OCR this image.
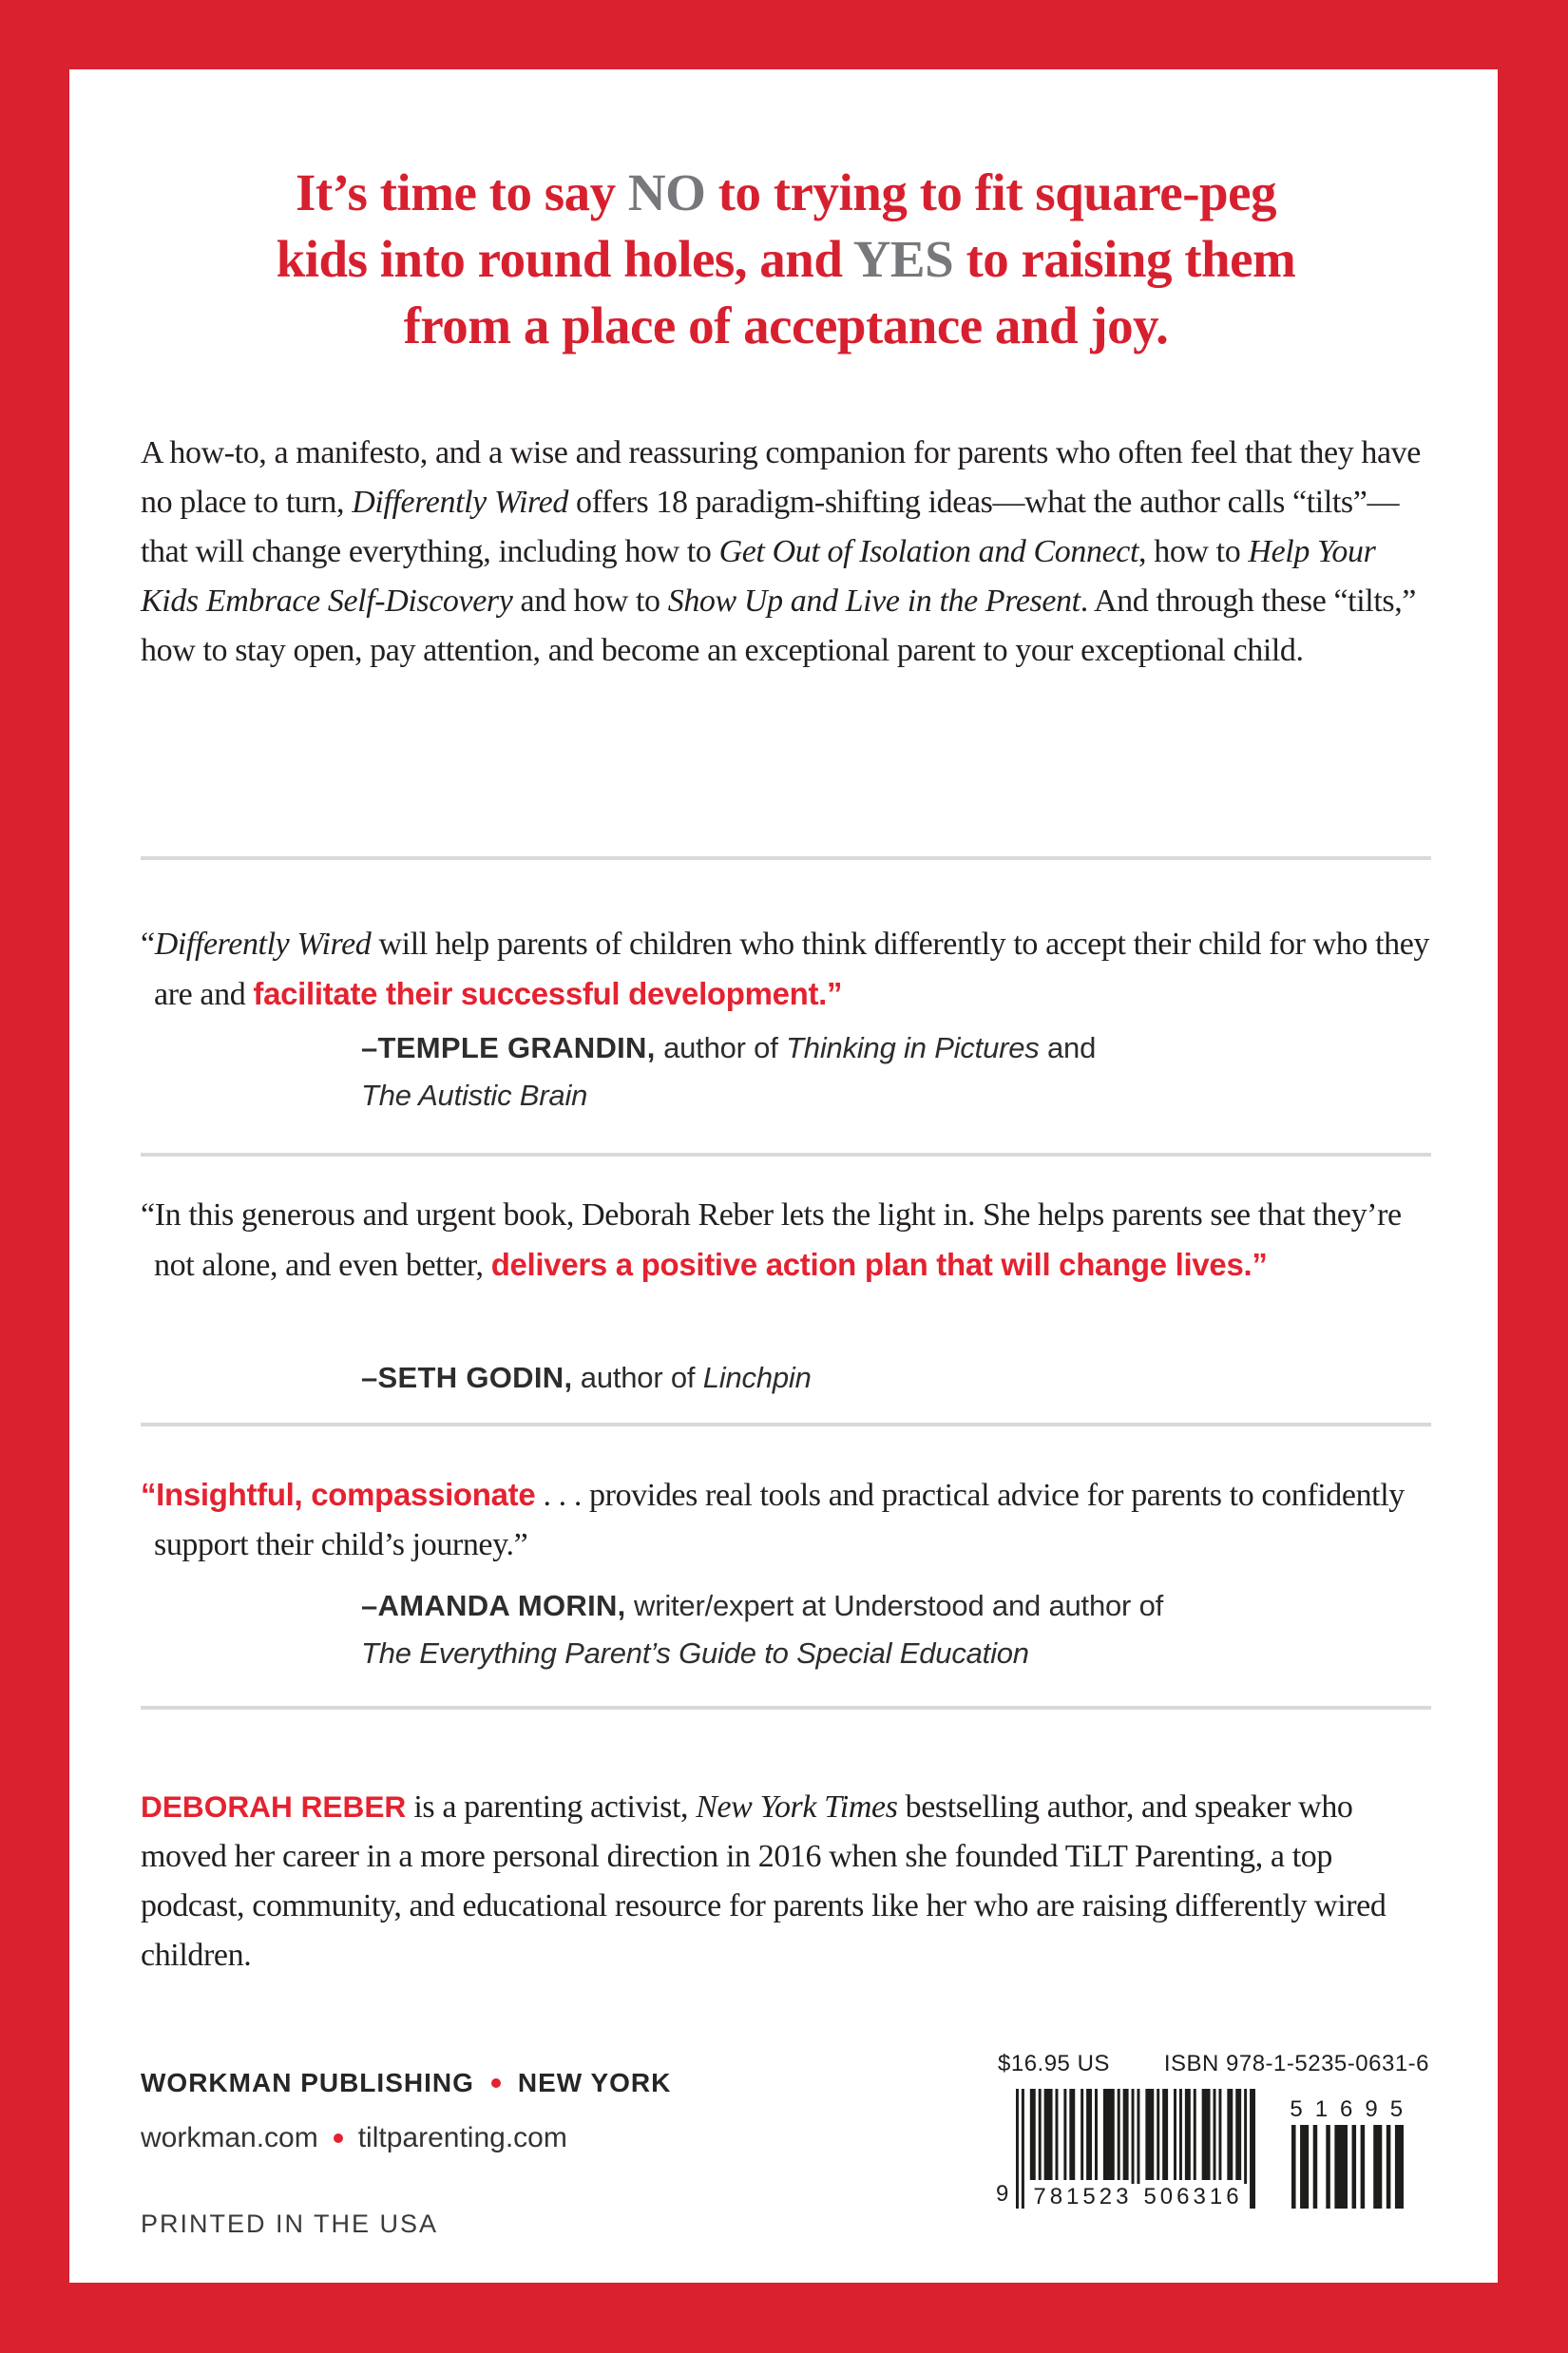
It’s time to say NO to trying to fit square-peg
kids into round holes, and YES to raising them
from a place of acceptance and joy.

A how-to, a manifesto, and a wise and reassuring companion for parents who often feel that they have no place to turn, Differently Wired offers 18 paradigm-shifting ideas—what the author calls “tilts”—that will change everything, including how to Get Out of Isolation and Connect, how to Help Your Kids Embrace Self-Discovery and how to Show Up and Live in the Present. And through these “tilts,” how to stay open, pay attention, and become an exceptional parent to your exceptional child.

“Differently Wired will help parents of children who think differently to accept their child for who they are and facilitate their successful development.”

–TEMPLE GRANDIN, author of Thinking in Pictures and
The Autistic Brain

“In this generous and urgent book, Deborah Reber lets the light in. She helps parents see that they’re not alone, and even better, delivers a positive action plan that will change lives.”

–SETH GODIN, author of Linchpin

“Insightful, compassionate . . . provides real tools and practical advice for parents to confidently support their child’s journey.”

–AMANDA MORIN, writer/expert at Understood and author of
The Everything Parent’s Guide to Special Education

DEBORAH REBER is a parenting activist, New York Times bestselling author, and speaker who moved her career in a more personal direction in 2016 when she founded TiLT Parenting, a top podcast, community, and educational resource for parents like her who are raising differently wired children.

WORKMAN PUBLISHING NEW YORK
workman.com tiltparenting.com
PRINTED IN THE USA
$16.95 US ISBN 978-1-5235-0631-6
9 781523 506316
51695
